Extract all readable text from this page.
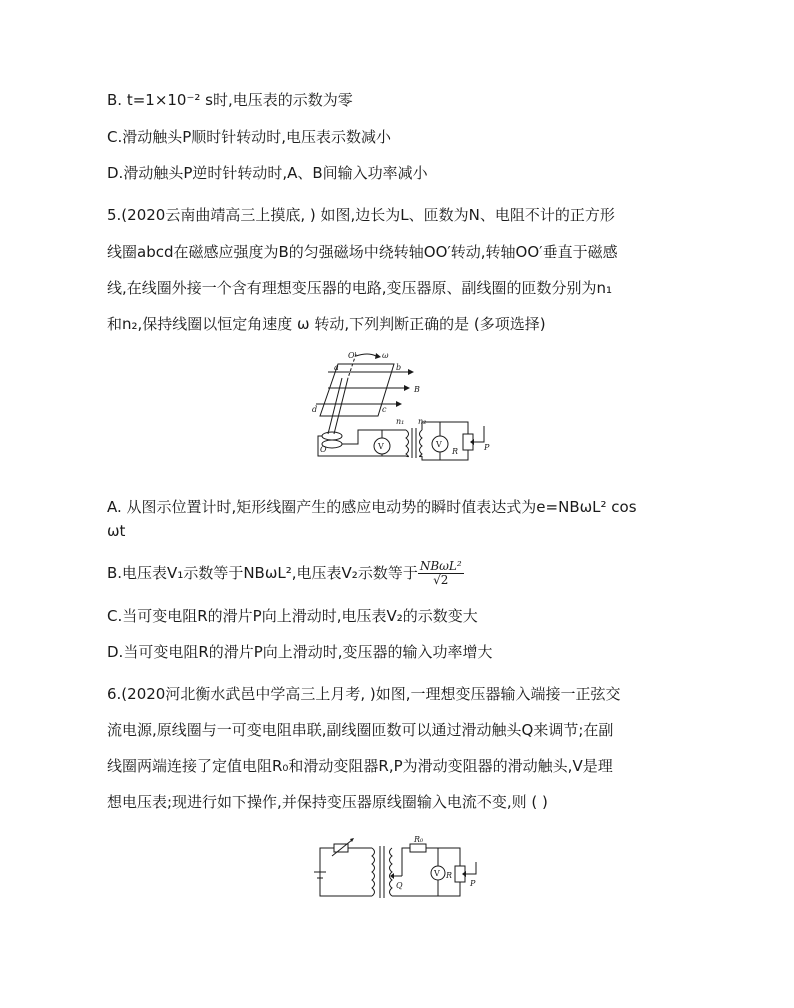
B. t=1×10⁻² s时,电压表的示数为零
C.滑动触头P顺时针转动时,电压表示数减小
D.滑动触头P逆时针转动时,A、B间输入功率减小
5.(2020云南曲靖高三上摸底, ) 如图,边长为L、匝数为N、电阻不计的正方形
线圈abcd在磁感应强度为B的匀强磁场中绕转轴OO′转动,转轴OO′垂直于磁感
线,在线圈外接一个含有理想变压器的电路,变压器原、副线圈的匝数分别为n₁
和n₂,保持线圈以恒定角速度 ω 转动,下列判断正确的是 (多项选择)
O'	ω
a	b
B
d	c
n₁ n₂
O	V	V
R	P
A. 从图示位置计时,矩形线圈产生的感应电动势的瞬时值表达式为e=NBωL² cos
ωt
B.电压表V₁示数等于NBωL²,电压表V₂示数等于 $\frac{\text{NBωL²}}{√2}$
C.当可变电阻R的滑片P向上滑动时,电压表V₂的示数变大
D.当可变电阻R的滑片P向上滑动时,变压器的输入功率增大
6.(2020河北衡水武邑中学高三上月考, )如图,一理想变压器输入端接一正弦交
流电源,原线圈与一可变电阻串联,副线圈匝数可以通过滑动触头Q来调节;在副
线圈两端连接了定值电阻R₀和滑动变阻器R,P为滑动变阻器的滑动触头,V是理
想电压表;现进行如下操作,并保持变压器原线圈输入电流不变,则 ( )
R₀
V R
P
Q
